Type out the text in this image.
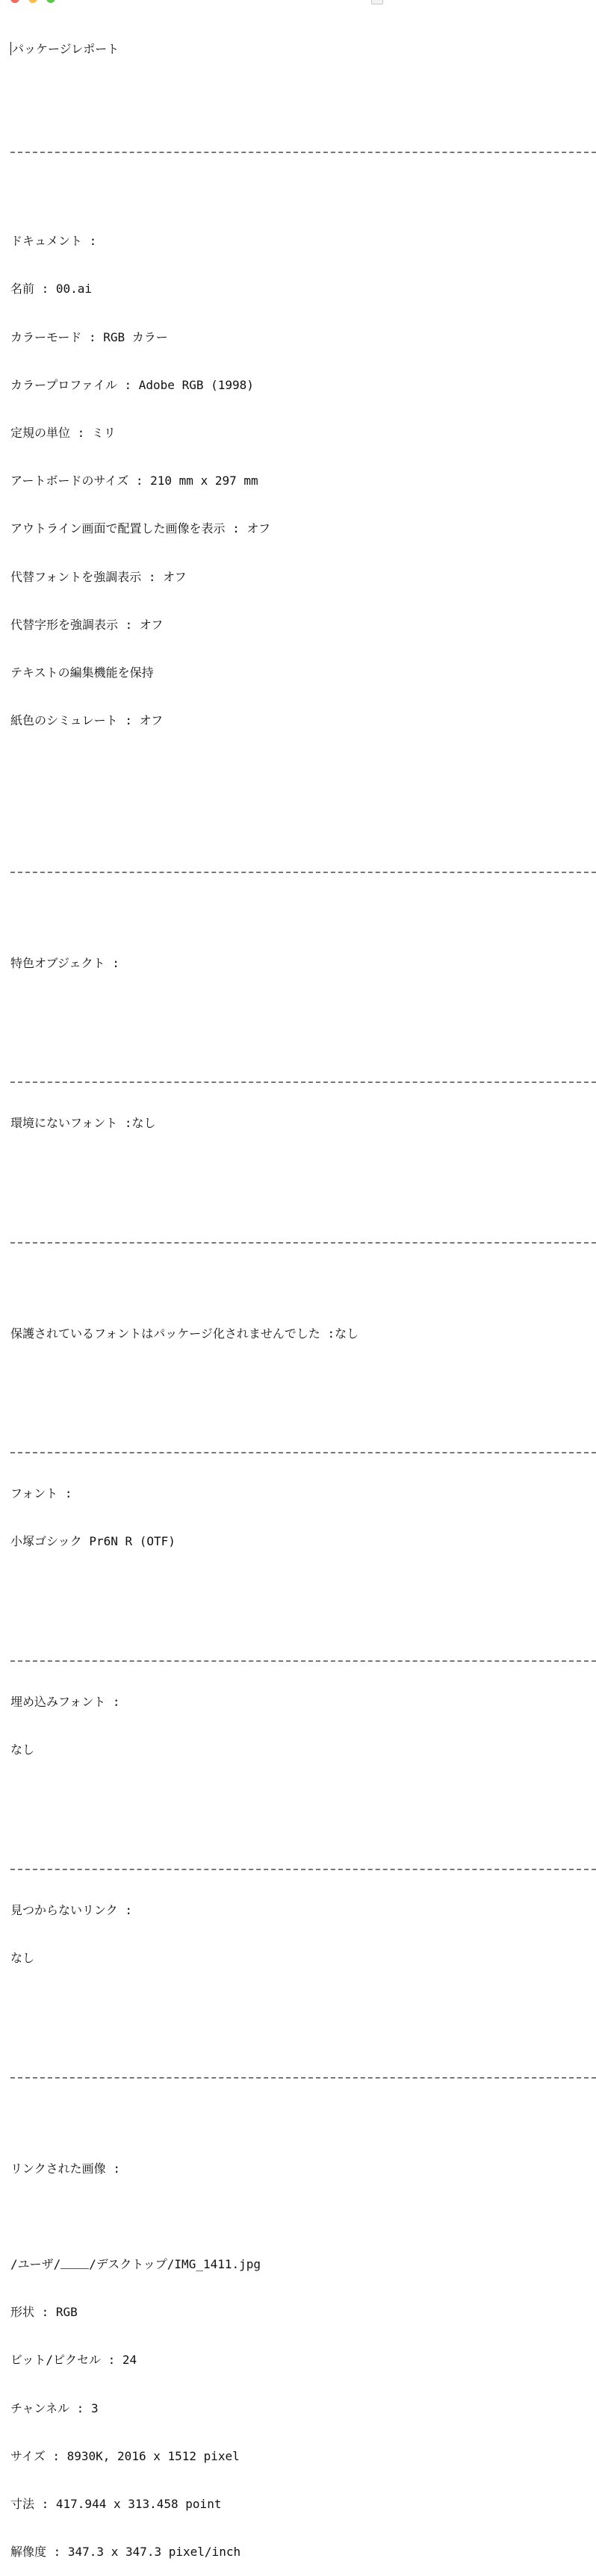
パッケージレポート

ドキュメント :

名前 : 00.ai

カラーモード : RGB カラー

カラープロファイル : Adobe RGB (1998)

定規の単位 : ミリ

アートボードのサイズ : 210 mm x 297 mm

アウトライン画面で配置した画像を表示 : オフ

代替フォントを強調表示 : オフ

代替字形を強調表示 : オフ

テキストの編集機能を保持

紙色のシミュレート : オフ

特色オブジェクト :

環境にないフォント :なし

保護されているフォントはパッケージ化されませんでした :なし

フォント :

小塚ゴシック Pr6N R (OTF)

埋め込みフォント :

なし

見つからないリンク :

なし

リンクされた画像 :

/ユーザ/ /デスクトップ/IMG_1411.jpg

形状 : RGB

ビット/ピクセル : 24

チャンネル : 3

サイズ : 8930K, 2016 x 1512 pixel

寸法 : 417.944 x 313.458 point

解像度 : 347.3 x 347.3 pixel/inch
